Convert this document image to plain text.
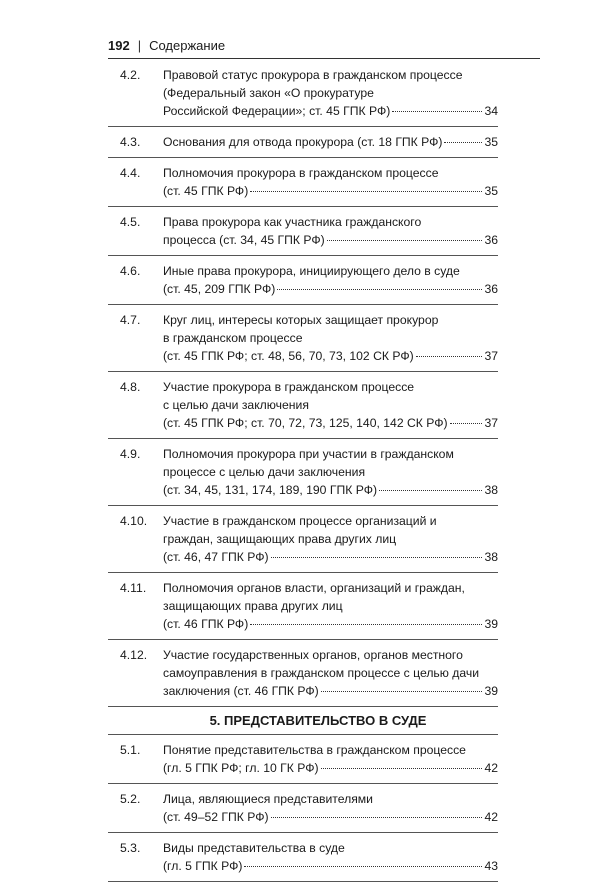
192 | Содержание
4.2. Правовой статус прокурора в гражданском процессе
(Федеральный закон «О прокуратуре
Российской Федерации»; ст. 45 ГПК РФ)	34
4.3. Основания для отвода прокурора (ст. 18 ГПК РФ)	35
4.4. Полномочия прокурора в гражданском процессе
(ст. 45 ГПК РФ)	35
4.5. Права прокурора как участника гражданского
процесса (ст. 34, 45 ГПК РФ)	36
4.6. Иные права прокурора, инициирующего дело в суде
(ст. 45, 209 ГПК РФ)	36
4.7. Круг лиц, интересы которых защищает прокурор
в гражданском процессе
(ст. 45 ГПК РФ; ст. 48, 56, 70, 73, 102 СК РФ)	37
4.8. Участие прокурора в гражданском процессе
с целью дачи заключения
(ст. 45 ГПК РФ; ст. 70, 72, 73, 125, 140, 142 СК РФ)	37
4.9. Полномочия прокурора при участии в гражданском
процессе с целью дачи заключения
(ст. 34, 45, 131, 174, 189, 190 ГПК РФ)	38
4.10. Участие в гражданском процессе организаций и
граждан, защищающих права других лиц
(ст. 46, 47 ГПК РФ)	38
4.11. Полномочия органов власти, организаций и граждан,
защищающих права других лиц
(ст. 46 ГПК РФ)	39
4.12. Участие государственных органов, органов местного
самоуправления в гражданском процессе с целью дачи
заключения (ст. 46 ГПК РФ)	39
5. ПРЕДСТАВИТЕЛЬСТВО В СУДЕ
5.1. Понятие представительства в гражданском процессе
(гл. 5 ГПК РФ; гл. 10 ГК РФ)	42
5.2. Лица, являющиеся представителями
(ст. 49–52 ГПК РФ)	42
5.3. Виды представительства в суде
(гл. 5 ГПК РФ)	43
